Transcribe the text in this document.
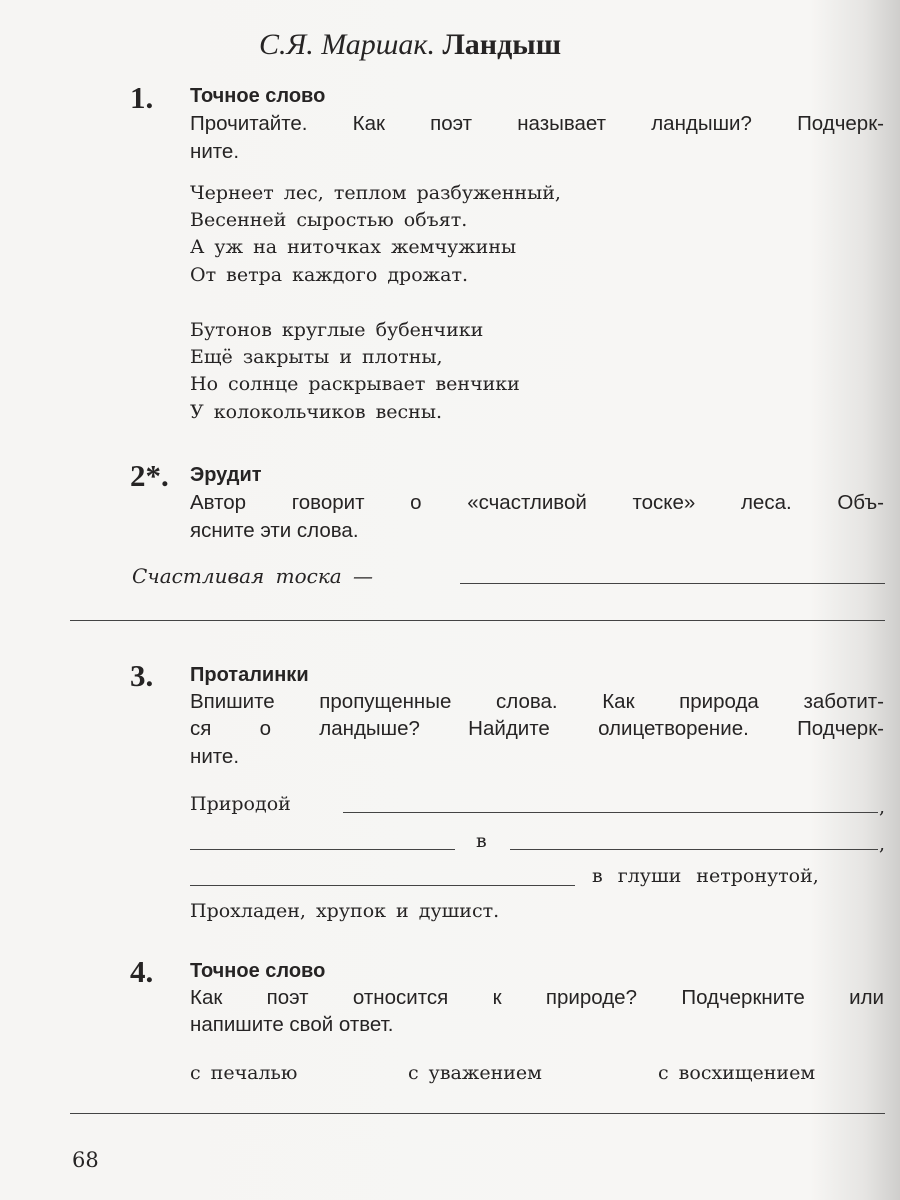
С.Я. Маршак. Ландыш
1. Точное слово
Прочитайте. Как поэт называет ландыши? Подчерк-
ните.
Чернеет лес, теплом разбуженный,
Весенней сыростью объят.
А уж на ниточках жемчужины
От ветра каждого дрожат.
Бутонов круглые бубенчики
Ещё закрыты и плотны,
Но солнце раскрывает венчики
У колокольчиков весны.
2*. Эрудит
Автор говорит о «счастливой тоске» леса. Объ-
ясните эти слова.
Счастливая тоска —
3. Проталинки
Впишите пропущенные слова. Как природа заботит-
ся о ландыше? Найдите олицетворение. Подчерк-
ните.
Природой	,
в	,
в глуши нетронутой,
Прохладен, хрупок и душист.
4. Точное слово
Как поэт относится к природе? Подчеркните или
напишите свой ответ.
с печалью	с уважением	с восхищением
68
